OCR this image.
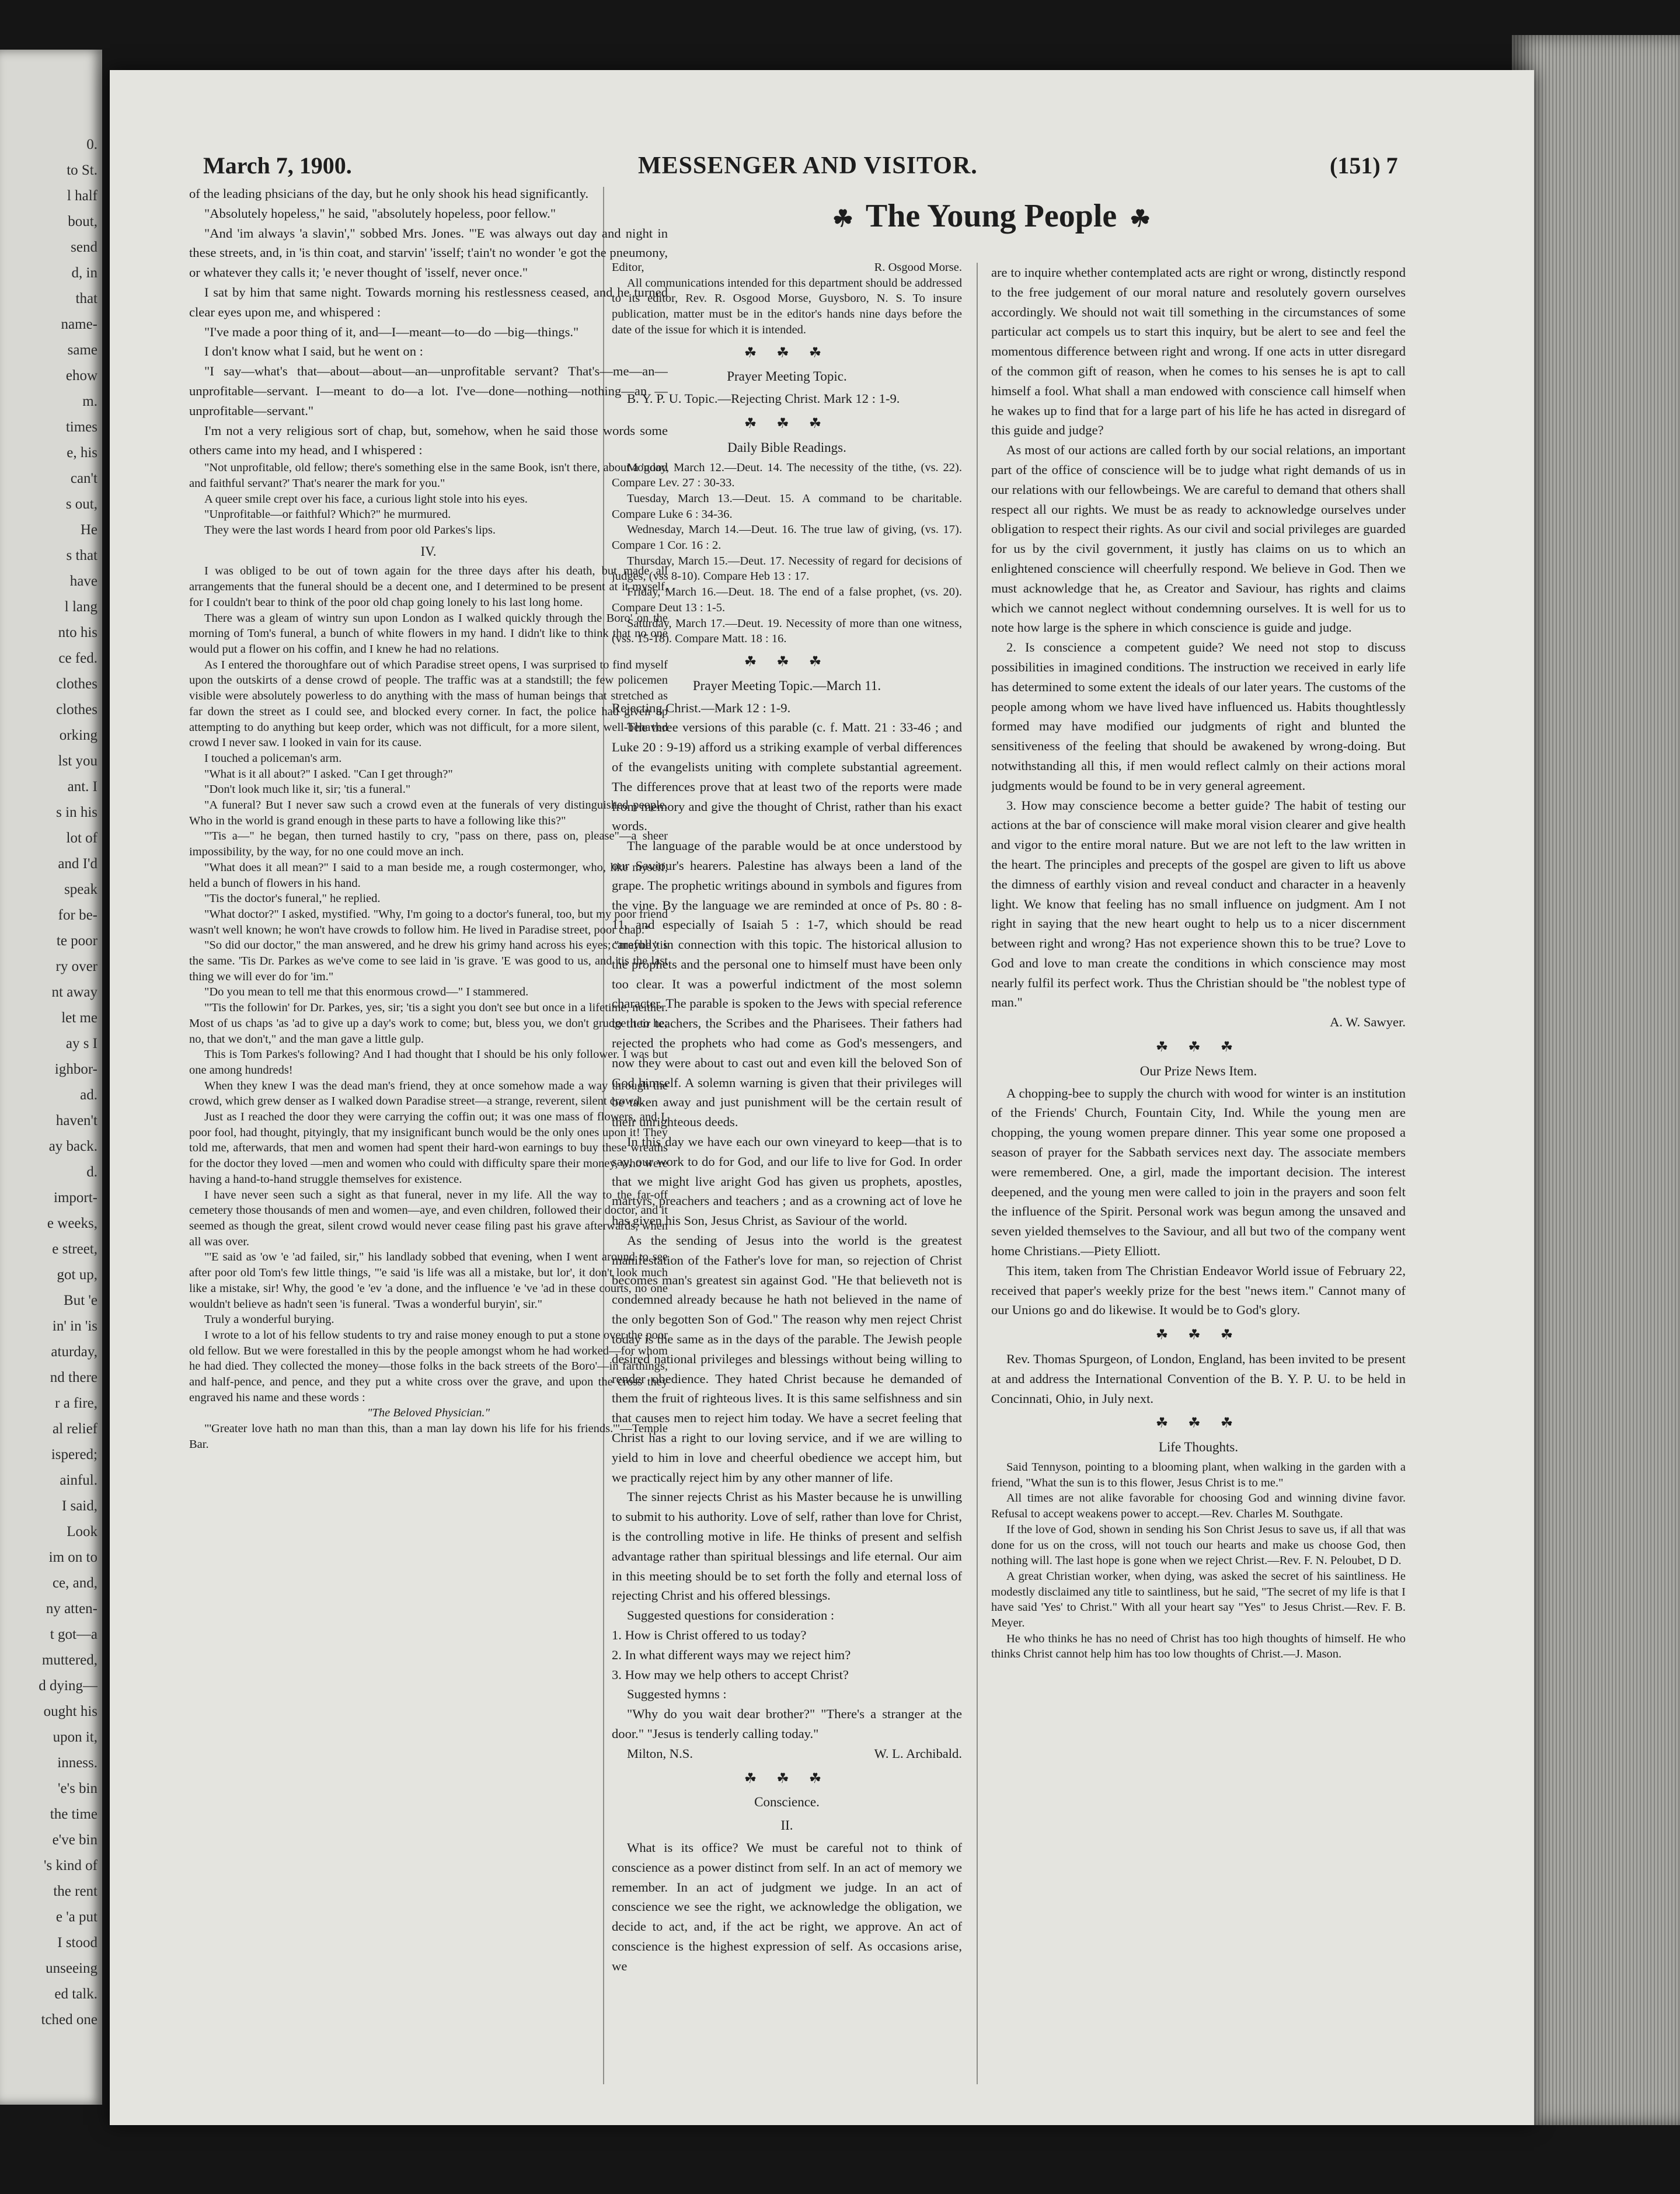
0.
to St.
l half
bout,
send
d, in
that
name-
same
ehow
m.
times
e, his
can't
s out,
He
s that
have
l lang
nto his
ce fed.
clothes
clothes
orking
lst you
ant. I
s in his
lot of
and I'd
speak
for be-
te poor
ry over
nt away
let me
ay s I
ighbor-
ad.
haven't
ay back.
d.
import-
e weeks,
e street,
got up,
But 'e
in' in 'is
aturday,
nd there
r a fire,
al relief
ispered;
ainful.
I said,
Look
im on to
ce, and,
ny atten-
t got—a
muttered,
d dying—
ought his
upon it,
inness.
'e's bin
the time
e've bin
's kind of
the rent
e 'a put
I stood
unseeing
ed talk.
tched one
March 7, 1900.	MESSENGER AND VISITOR.	(151) 7
☘ The Young People ☘

of the leading phsicians of the day, but he only shook his head significantly.

"Absolutely hopeless," he said, "absolutely hopeless, poor fellow."

"And 'im always 'a slavin'," sobbed Mrs. Jones. "'E was always out day and night in these streets, and, in 'is thin coat, and starvin' 'isself; t'ain't no wonder 'e got the pneumony, or whatever they calls it; 'e never thought of 'isself, never once."

I sat by him that same night. Towards morning his restlessness ceased, and he turned clear eyes upon me, and whispered :

"I've made a poor thing of it, and—I—meant—to—do —big—things."

I don't know what I said, but he went on :

"I say—what's that—about—about—an—unprofitable servant? That's—me—an—unprofitable—servant. I—meant to do—a lot. I've—done—nothing—nothing—an —unprofitable—servant."

I'm not a very religious sort of chap, but, somehow, when he said those words some others came into my head, and I whispered :

"Not unprofitable, old fellow; there's something else in the same Book, isn't there, about a 'good and faithful servant?' That's nearer the mark for you."

A queer smile crept over his face, a curious light stole into his eyes.

"Unprofitable—or faithful? Which?" he murmured.

They were the last words I heard from poor old Parkes's lips.

IV.

I was obliged to be out of town again for the three days after his death, but made all arrangements that the funeral should be a decent one, and I determined to be present at it myself, for I couldn't bear to think of the poor old chap going lonely to his last long home.

There was a gleam of wintry sun upon London as I walked quickly through the Boro' on the morning of Tom's funeral, a bunch of white flowers in my hand. I didn't like to think that no one would put a flower on his coffin, and I knew he had no relations.

As I entered the thoroughfare out of which Paradise street opens, I was surprised to find myself upon the outskirts of a dense crowd of people. The traffic was at a standstill; the few policemen visible were absolutely powerless to do anything with the mass of human beings that stretched as far down the street as I could see, and blocked every corner. In fact, the police had given up attempting to do anything but keep order, which was not difficult, for a more silent, well-behaved crowd I never saw. I looked in vain for its cause.

I touched a policeman's arm.

"What is it all about?" I asked. "Can I get through?"

"Don't look much like it, sir; 'tis a funeral."

"A funeral? But I never saw such a crowd even at the funerals of very distinguished people. Who in the world is grand enough in these parts to have a following like this?"

"'Tis a—" he began, then turned hastily to cry, "pass on there, pass on, please"—a sheer impossibility, by the way, for no one could move an inch.

"What does it all mean?" I said to a man beside me, a rough costermonger, who, like myself, held a bunch of flowers in his hand.

"Tis the doctor's funeral," he replied.

"What doctor?" I asked, mystified. "Why, I'm going to a doctor's funeral, too, but my poor friend wasn't well known; he won't have crowds to follow him. He lived in Paradise street, poor chap."

"So did our doctor," the man answered, and he drew his grimy hand across his eyes; "maybe 'tis the same. 'Tis Dr. Parkes as we've come to see laid in 'is grave. 'E was good to us, and 'tis the last thing we will ever do for 'im."

"Do you mean to tell me that this enormous crowd—" I stammered.

"'Tis the followin' for Dr. Parkes, yes, sir; 'tis a sight you don't see but once in a lifetime, neither. Most of us chaps 'as 'ad to give up a day's work to come; but, bless you, we don't grudge it to he; no, that we don't," and the man gave a little gulp.

This is Tom Parkes's following? And I had thought that I should be his only follower. I was but one among hundreds!

When they knew I was the dead man's friend, they at once somehow made a way through the crowd, which grew denser as I walked down Paradise street—a strange, reverent, silent crowd.

Just as I reached the door they were carrying the coffin out; it was one mass of flowers, and I, poor fool, had thought, pityingly, that my insignificant bunch would be the only ones upon it! They told me, afterwards, that men and women had spent their hard-won earnings to buy these wreaths for the doctor they loved —men and women who could with difficulty spare their money, who were having a hand-to-hand struggle themselves for existence.

I have never seen such a sight as that funeral, never in my life. All the way to the far-off cemetery those thousands of men and women—aye, and even children, followed their doctor, and it seemed as though the great, silent crowd would never cease filing past his grave afterwards, when all was over.

"'E said as 'ow 'e 'ad failed, sir," his landlady sobbed that evening, when I went around to see after poor old Tom's few little things, "'e said 'is life was all a mistake, but lor', it don't look much like a mistake, sir! Why, the good 'e 'ev 'a done, and the influence 'e 've 'ad in these courts, no one wouldn't believe as hadn't seen 'is funeral. 'Twas a wonderful buryin', sir."

Truly a wonderful burying.

I wrote to a lot of his fellow students to try and raise money enough to put a stone over the poor old fellow. But we were forestalled in this by the people amongst whom he had worked—for whom he had died. They collected the money—those folks in the back streets of the Boro'—in farthings, and half-pence, and pence, and they put a white cross over the grave, and upon the cross they engraved his name and these words :

"The Beloved Physician."

"'Greater love hath no man than this, than a man lay down his life for his friends.'"—Temple Bar.

Editor,	R. Osgood Morse.

All communications intended for this department should be addressed to its editor, Rev. R. Osgood Morse, Guysboro, N. S. To insure publication, matter must be in the editor's hands nine days before the date of the issue for which it is intended.

☘ ☘ ☘

Prayer Meeting Topic.

B. Y. P. U. Topic.—Rejecting Christ. Mark 12 : 1-9.

☘ ☘ ☘

Daily Bible Readings.

Monday, March 12.—Deut. 14. The necessity of the tithe, (vs. 22). Compare Lev. 27 : 30-33.

Tuesday, March 13.—Deut. 15. A command to be charitable. Compare Luke 6 : 34-36.

Wednesday, March 14.—Deut. 16. The true law of giving, (vs. 17). Compare 1 Cor. 16 : 2.

Thursday, March 15.—Deut. 17. Necessity of regard for decisions of judges, (vss 8-10). Compare Heb 13 : 17.

Friday, March 16.—Deut. 18. The end of a false prophet, (vs. 20). Compare Deut 13 : 1-5.

Saturday, March 17.—Deut. 19. Necessity of more than one witness, (vss. 15-18). Compare Matt. 18 : 16.

☘ ☘ ☘

Prayer Meeting Topic.—March 11.

Rejecting Christ.—Mark 12 : 1-9.

The three versions of this parable (c. f. Matt. 21 : 33-46 ; and Luke 20 : 9-19) afford us a striking example of verbal differences of the evangelists uniting with complete substantial agreement. The differences prove that at least two of the reports were made from memory and give the thought of Christ, rather than his exact words.

The language of the parable would be at once understood by our Saviour's hearers. Palestine has always been a land of the grape. The prophetic writings abound in symbols and figures from the vine. By the language we are reminded at once of Ps. 80 : 8-11, and especially of Isaiah 5 : 1-7, which should be read carefully in connection with this topic. The historical allusion to the prophets and the personal one to himself must have been only too clear. It was a powerful indictment of the most solemn character. The parable is spoken to the Jews with special reference to their teachers, the Scribes and the Pharisees. Their fathers had rejected the prophets who had come as God's messengers, and now they were about to cast out and even kill the beloved Son of God himself. A solemn warning is given that their privileges will be taken away and just punishment will be the certain result of their unrighteous deeds.

In this day we have each our own vineyard to keep—that is to say, our work to do for God, and our life to live for God. In order that we might live aright God has given us prophets, apostles, martyrs, preachers and teachers ; and as a crowning act of love he has given his Son, Jesus Christ, as Saviour of the world.

As the sending of Jesus into the world is the greatest manifestation of the Father's love for man, so rejection of Christ becomes man's greatest sin against God. "He that believeth not is condemned already because he hath not believed in the name of the only begotten Son of God." The reason why men reject Christ today is the same as in the days of the parable. The Jewish people desired national privileges and blessings without being willing to render obedience. They hated Christ because he demanded of them the fruit of righteous lives. It is this same selfishness and sin that causes men to reject him today. We have a secret feeling that Christ has a right to our loving service, and if we are willing to yield to him in love and cheerful obedience we accept him, but we practically reject him by any other manner of life.

The sinner rejects Christ as his Master because he is unwilling to submit to his authority. Love of self, rather than love for Christ, is the controlling motive in life. He thinks of present and selfish advantage rather than spiritual blessings and life eternal. Our aim in this meeting should be to set forth the folly and eternal loss of rejecting Christ and his offered blessings.

Suggested questions for consideration :

1. How is Christ offered to us today?

2. In what different ways may we reject him?

3. How may we help others to accept Christ?

Suggested hymns :

"Why do you wait dear brother?" "There's a stranger at the door." "Jesus is tenderly calling today."

Milton, N.S.	W. L. Archibald.

☘ ☘ ☘

Conscience.

II.

What is its office? We must be careful not to think of conscience as a power distinct from self. In an act of memory we remember. In an act of judgment we judge. In an act of conscience we see the right, we acknowledge the obligation, we decide to act, and, if the act be right, we approve. An act of conscience is the highest expression of self. As occasions arise, we

are to inquire whether contemplated acts are right or wrong, distinctly respond to the free judgement of our moral nature and resolutely govern ourselves accordingly. We should not wait till something in the circumstances of some particular act compels us to start this inquiry, but be alert to see and feel the momentous difference between right and wrong. If one acts in utter disregard of the common gift of reason, when he comes to his senses he is apt to call himself a fool. What shall a man endowed with conscience call himself when he wakes up to find that for a large part of his life he has acted in disregard of this guide and judge?

As most of our actions are called forth by our social relations, an important part of the office of conscience will be to judge what right demands of us in our relations with our fellowbeings. We are careful to demand that others shall respect all our rights. We must be as ready to acknowledge ourselves under obligation to respect their rights. As our civil and social privileges are guarded for us by the civil government, it justly has claims on us to which an enlightened conscience will cheerfully respond. We believe in God. Then we must acknowledge that he, as Creator and Saviour, has rights and claims which we cannot neglect without condemning ourselves. It is well for us to note how large is the sphere in which conscience is guide and judge.

2. Is conscience a competent guide? We need not stop to discuss possibilities in imagined conditions. The instruction we received in early life has determined to some extent the ideals of our later years. The customs of the people among whom we have lived have influenced us. Habits thoughtlessly formed may have modified our judgments of right and blunted the sensitiveness of the feeling that should be awakened by wrong-doing. But notwithstanding all this, if men would reflect calmly on their actions moral judgments would be found to be in very general agreement.

3. How may conscience become a better guide? The habit of testing our actions at the bar of conscience will make moral vision clearer and give health and vigor to the entire moral nature. But we are not left to the law written in the heart. The principles and precepts of the gospel are given to lift us above the dimness of earthly vision and reveal conduct and character in a heavenly light. We know that feeling has no small influence on judgment. Am I not right in saying that the new heart ought to help us to a nicer discernment between right and wrong? Has not experience shown this to be true? Love to God and love to man create the conditions in which conscience may most nearly fulfil its perfect work. Thus the Christian should be "the noblest type of man."

A. W. Sawyer.

☘ ☘ ☘

Our Prize News Item.

A chopping-bee to supply the church with wood for winter is an institution of the Friends' Church, Fountain City, Ind. While the young men are chopping, the young women prepare dinner. This year some one proposed a season of prayer for the Sabbath services next day. The associate members were remembered. One, a girl, made the important decision. The interest deepened, and the young men were called to join in the prayers and soon felt the influence of the Spirit. Personal work was begun among the unsaved and seven yielded themselves to the Saviour, and all but two of the company went home Christians.—Piety Elliott.

This item, taken from The Christian Endeavor World issue of February 22, received that paper's weekly prize for the best "news item." Cannot many of our Unions go and do likewise. It would be to God's glory.

☘ ☘ ☘

Rev. Thomas Spurgeon, of London, England, has been invited to be present at and address the International Convention of the B. Y. P. U. to be held in Concinnati, Ohio, in July next.

☘ ☘ ☘

Life Thoughts.

Said Tennyson, pointing to a blooming plant, when walking in the garden with a friend, "What the sun is to this flower, Jesus Christ is to me."

All times are not alike favorable for choosing God and winning divine favor. Refusal to accept weakens power to accept.—Rev. Charles M. Southgate.

If the love of God, shown in sending his Son Christ Jesus to save us, if all that was done for us on the cross, will not touch our hearts and make us choose God, then nothing will. The last hope is gone when we reject Christ.—Rev. F. N. Peloubet, D D.

A great Christian worker, when dying, was asked the secret of his saintliness. He modestly disclaimed any title to saintliness, but he said, "The secret of my life is that I have said 'Yes' to Christ." With all your heart say "Yes" to Jesus Christ.—Rev. F. B. Meyer.

He who thinks he has no need of Christ has too high thoughts of himself. He who thinks Christ cannot help him has too low thoughts of Christ.—J. Mason.
